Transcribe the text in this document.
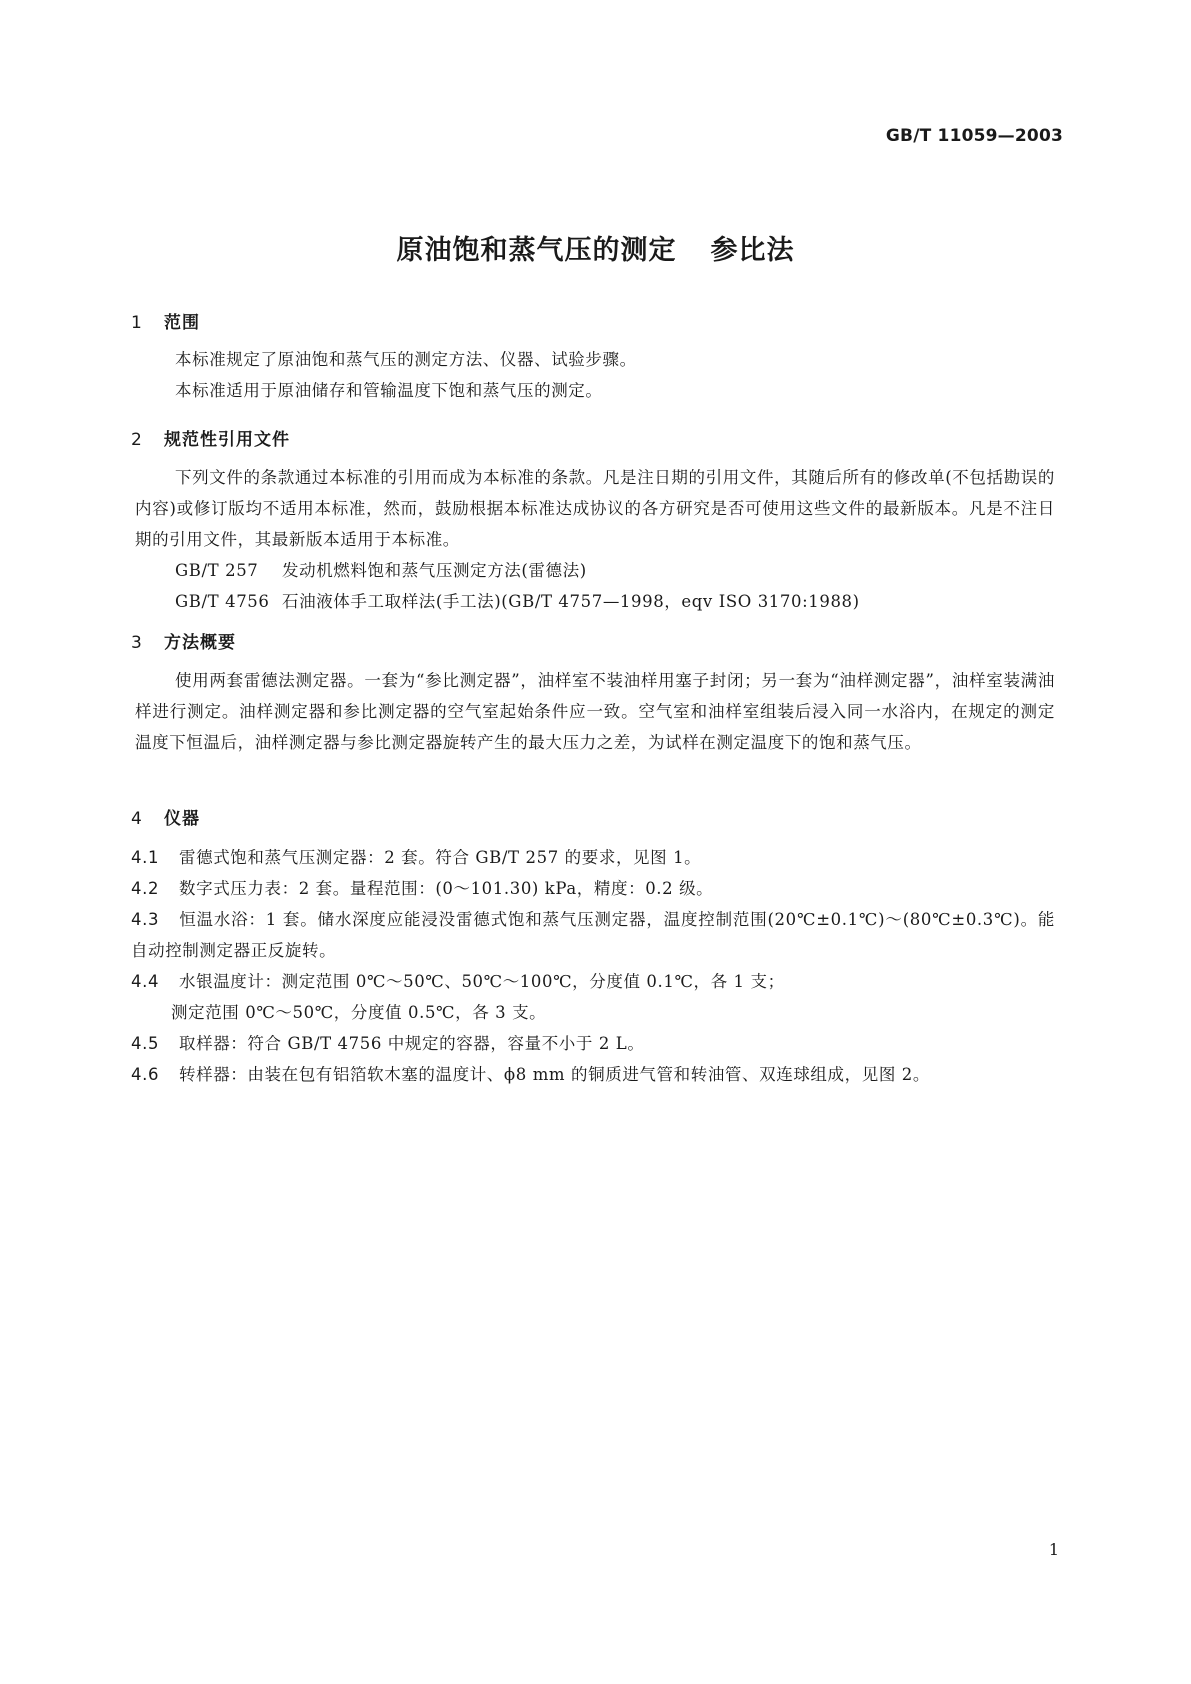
GB/T 11059—2003
原油饱和蒸气压的测定 参比法
1 范围

本标准规定了原油饱和蒸气压的测定方法、仪器、试验步骤。

本标准适用于原油储存和管输温度下饱和蒸气压的测定。

2 规范性引用文件

下列文件的条款通过本标准的引用而成为本标准的条款。凡是注日期的引用文件，其随后所有的修改单(不包括勘误的内容)或修订版均不适用本标准，然而，鼓励根据本标准达成协议的各方研究是否可使用这些文件的最新版本。凡是不注日期的引用文件，其最新版本适用于本标准。

GB/T 257 发动机燃料饱和蒸气压测定方法(雷德法)
GB/T 4756 石油液体手工取样法(手工法)(GB/T 4757—1998，eqv ISO 3170:1988)
3 方法概要

使用两套雷德法测定器。一套为“参比测定器”，油样室不装油样用塞子封闭；另一套为“油样测定器”，油样室装满油样进行测定。油样测定器和参比测定器的空气室起始条件应一致。空气室和油样室组装后浸入同一水浴内，在规定的测定温度下恒温后，油样测定器与参比测定器旋转产生的最大压力之差，为试样在测定温度下的饱和蒸气压。

4 仪器
4.1 雷德式饱和蒸气压测定器：2 套。符合 GB/T 257 的要求，见图 1。
4.2 数字式压力表：2 套。量程范围：(0～101.30) kPa，精度：0.2 级。
4.3 恒温水浴：1 套。储水深度应能浸没雷德式饱和蒸气压测定器，温度控制范围(20℃±0.1℃)～(80℃±0.3℃)。能自动控制测定器正反旋转。
4.4 水银温度计：测定范围 0℃～50℃、50℃～100℃，分度值 0.1℃，各 1 支；
测定范围 0℃～50℃，分度值 0.5℃，各 3 支。
4.5 取样器：符合 GB/T 4756 中规定的容器，容量不小于 2 L。
4.6 转样器：由装在包有铝箔软木塞的温度计、ϕ8 mm 的铜质进气管和转油管、双连球组成，见图 2。
1
